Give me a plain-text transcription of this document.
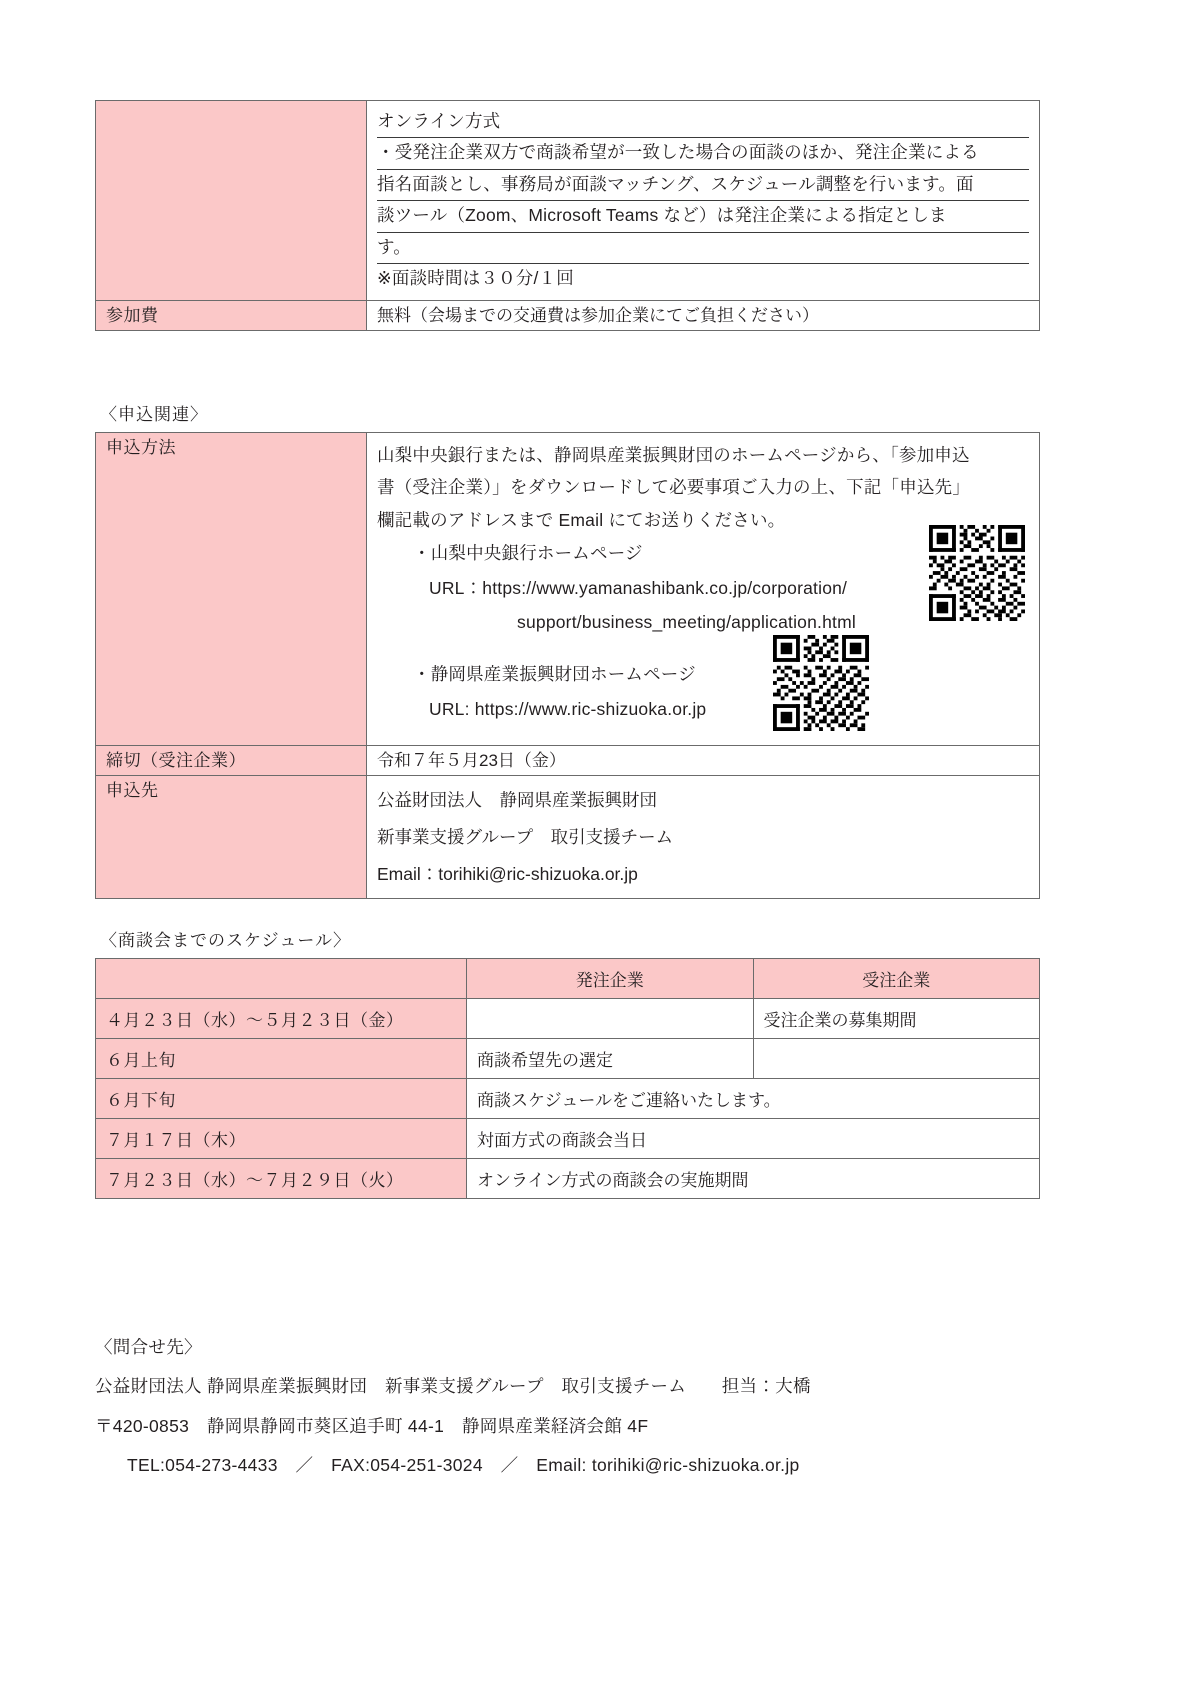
オンライン方式

・受発注企業双方で商談希望が一致した場合の面談のほか、発注企業による

指名面談とし、事務局が面談マッチング、スケジュール調整を行います。面

談ツール（Zoom、Microsoft Teams など）は発注企業による指定としま

す。

※面談時間は３０分/１回

参加費	無料（会場までの交通費は参加企業にてご負担ください）
〈申込関連〉
申込方法	山梨中央銀行または、静岡県産業振興財団のホームページから、「参加申込

書（受注企業）」をダウンロードして必要事項ご入力の上、下記「申込先」

欄記載のアドレスまで Email にてお送りください。

・山梨中央銀行ホームページ

URL：https://www.yamanashibank.co.jp/corporation/

support/business_meeting/application.html

・静岡県産業振興財団ホームページ

URL: https://www.ric-shizuoka.or.jp

締切（受注企業）	令和７年５月23日（金）
申込先	公益財団法人　静岡県産業振興財団

新事業支援グループ　取引支援チーム

Email：torihiki@ric-shizuoka.or.jp

〈商談会までのスケジュール〉
	発注企業	受注企業
４月２３日（水）〜５月２３日（金）		受注企業の募集期間
６月上旬	商談希望先の選定	
６月下旬	商談スケジュールをご連絡いたします。	
７月１７日（木）	対面方式の商談会当日	
７月２３日（水）〜７月２９日（火）	オンライン方式の商談会の実施期間	

〈問合せ先〉

公益財団法人 静岡県産業振興財団　新事業支援グループ　取引支援チーム　　担当：大橋

〒420-0853　静岡県静岡市葵区追手町 44-1　静岡県産業経済会館 4F

TEL:054-273-4433　／　FAX:054-251-3024　／　Email: torihiki@ric-shizuoka.or.jp
